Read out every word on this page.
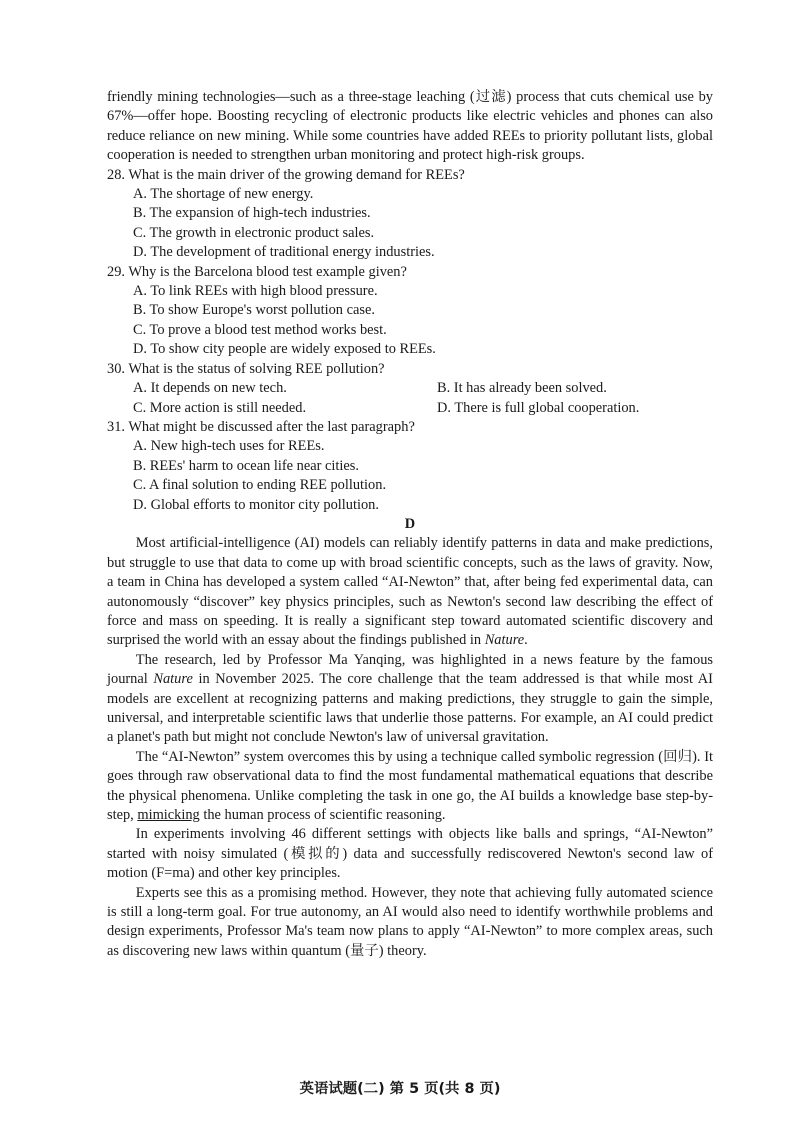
friendly mining technologies—such as a three-stage leaching (过滤) process that cuts chemical use by 67%—offer hope. Boosting recycling of electronic products like electric vehicles and phones can also reduce reliance on new mining. While some countries have added REEs to priority pollutant lists, global cooperation is needed to strengthen urban monitoring and protect high-risk groups.

28. What is the main driver of the growing demand for REEs?

A. The shortage of new energy.

B. The expansion of high-tech industries.

C. The growth in electronic product sales.

D. The development of traditional energy industries.

29. Why is the Barcelona blood test example given?

A. To link REEs with high blood pressure.

B. To show Europe's worst pollution case.

C. To prove a blood test method works best.

D. To show city people are widely exposed to REEs.

30. What is the status of solving REE pollution?

A. It depends on new tech.	B. It has already been solved.
C. More action is still needed.	D. There is full global cooperation.

31. What might be discussed after the last paragraph?

A. New high-tech uses for REEs.

B. REEs' harm to ocean life near cities.

C. A final solution to ending REE pollution.

D. Global efforts to monitor city pollution.

D

Most artificial-intelligence (AI) models can reliably identify patterns in data and make predictions, but struggle to use that data to come up with broad scientific concepts, such as the laws of gravity. Now, a team in China has developed a system called “AI-Newton” that, after being fed experimental data, can autonomously “discover” key physics principles, such as Newton's second law describing the effect of force and mass on speeding. It is really a significant step toward automated scientific discovery and surprised the world with an essay about the findings published in Nature.

The research, led by Professor Ma Yanqing, was highlighted in a news feature by the famous journal Nature in November 2025. The core challenge that the team addressed is that while most AI models are excellent at recognizing patterns and making predictions, they struggle to gain the simple, universal, and interpretable scientific laws that underlie those patterns. For example, an AI could predict a planet's path but might not conclude Newton's law of universal gravitation.

The “AI-Newton” system overcomes this by using a technique called symbolic regression (回归). It goes through raw observational data to find the most fundamental mathematical equations that describe the physical phenomena. Unlike completing the task in one go, the AI builds a knowledge base step-by-step, mimicking the human process of scientific reasoning.

In experiments involving 46 different settings with objects like balls and springs, “AI-Newton” started with noisy simulated (模拟的) data and successfully rediscovered Newton's second law of motion (F=ma) and other key principles.

Experts see this as a promising method. However, they note that achieving fully automated science is still a long-term goal. For true autonomy, an AI would also need to identify worthwhile problems and design experiments, Professor Ma's team now plans to apply “AI-Newton” to more complex areas, such as discovering new laws within quantum (量子) theory.

英语试题(二) 第 5 页(共 8 页)
